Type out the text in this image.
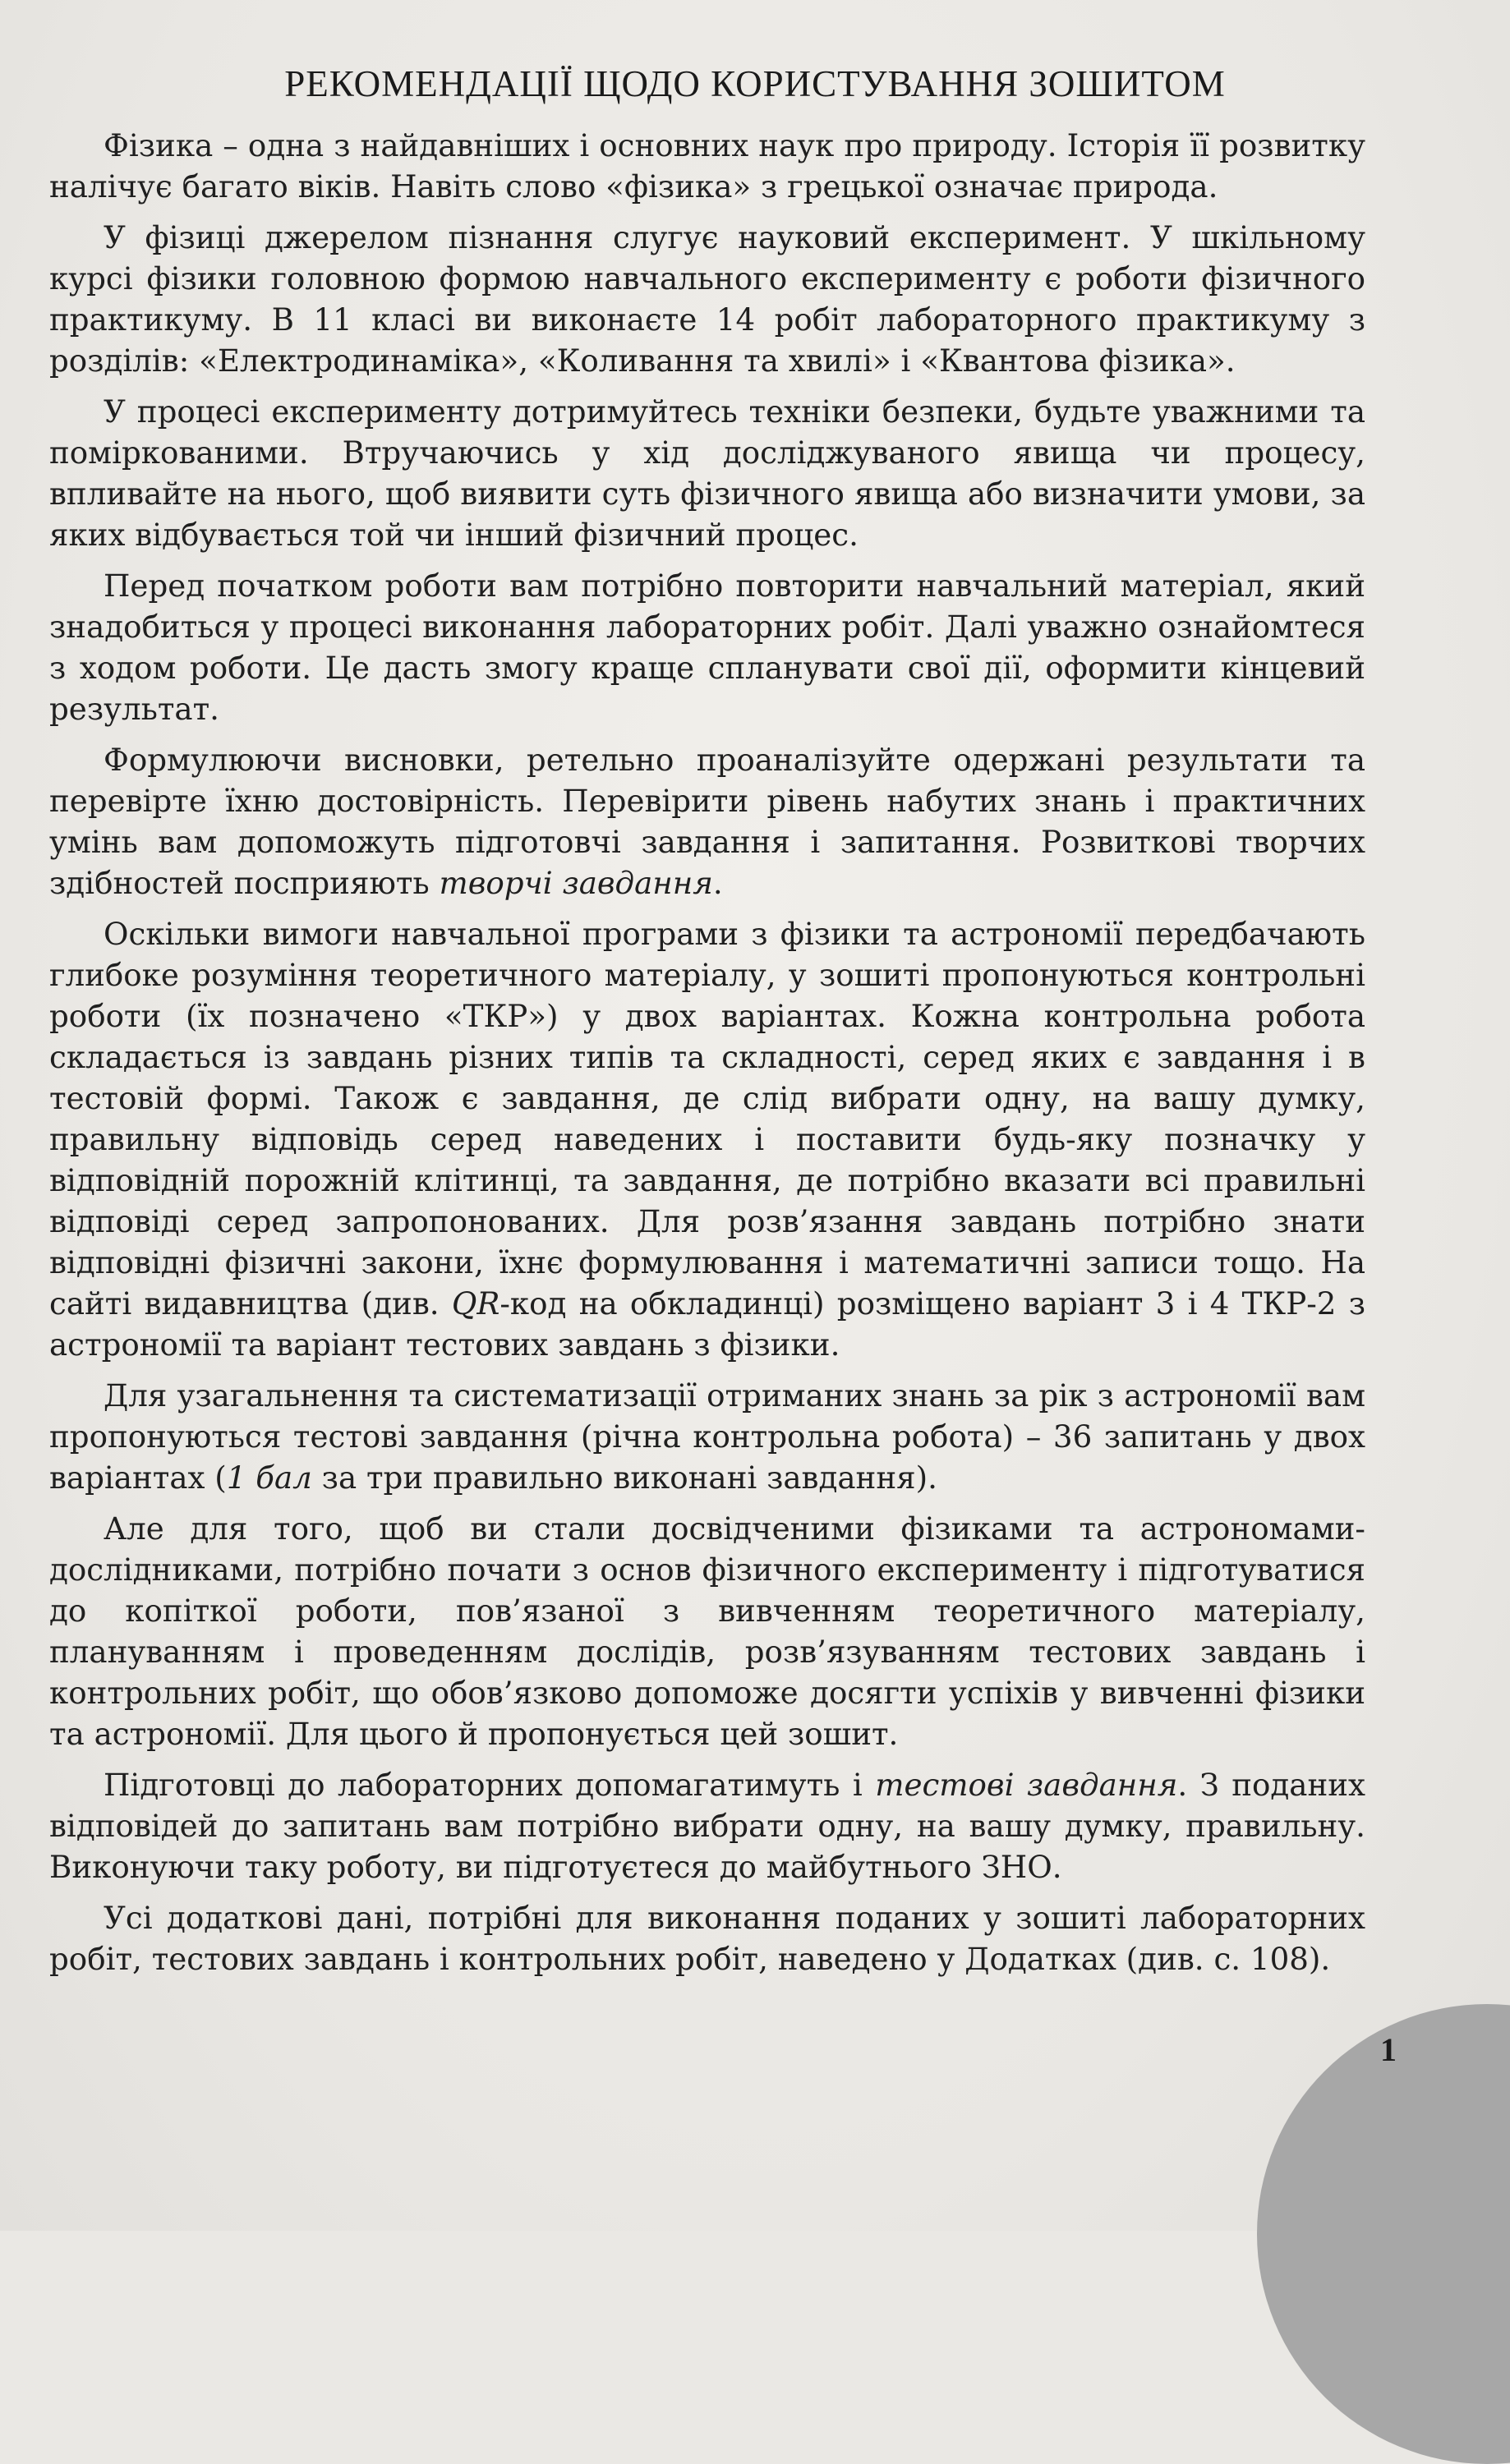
РЕКОМЕНДАЦІЇ ЩОДО КОРИСТУВАННЯ ЗОШИТОМ

Фізика – одна з найдавніших і основних наук про природу. Історія її розвитку налічує багато віків. Навіть слово «фізика» з грецької означає природа.

У фізиці джерелом пізнання слугує науковий експеримент. У шкільному курсі фізики головною формою навчального експерименту є роботи фізичного практикуму. В 11 класі ви виконаєте 14 робіт лабораторного практикуму з розділів: «Електродинаміка», «Коливання та хвилі» і «Квантова фізика».

У процесі експерименту дотримуйтесь техніки безпеки, будьте уважними та поміркованими. Втручаючись у хід досліджуваного явища чи процесу, впливайте на нього, щоб виявити суть фізичного явища або визначити умови, за яких відбувається той чи інший фізичний процес.

Перед початком роботи вам потрібно повторити навчальний матеріал, який знадобиться у процесі виконання лабораторних робіт. Далі уважно ознайомтеся з ходом роботи. Це дасть змогу краще спланувати свої дії, оформити кінцевий результат.

Формулюючи висновки, ретельно проаналізуйте одержані результати та перевірте їхню достовірність. Перевірити рівень набутих знань і практичних умінь вам допоможуть підготовчі завдання і запитання. Розвиткові творчих здібностей посприяють творчі завдання.

Оскільки вимоги навчальної програми з фізики та астрономії передбачають глибоке розуміння теоретичного матеріалу, у зошиті пропонуються контрольні роботи (їх позначено «ТКР») у двох варіантах. Кожна контрольна робота складається із завдань різних типів та складності, серед яких є завдання і в тестовій формі. Також є завдання, де слід вибрати одну, на вашу думку, правильну відповідь серед наведених і поставити будь-яку позначку у відповідній порожній клітинці, та завдання, де потрібно вказати всі правильні відповіді серед запропонованих. Для розв’язання завдань потрібно знати відповідні фізичні закони, їхнє формулювання і математичні записи тощо. На сайті видавництва (див. QR-код на обкладинці) розміщено варіант 3 і 4 ТКР-2 з астрономії та варіант тестових завдань з фізики.

Для узагальнення та систематизації отриманих знань за рік з астрономії вам пропонуються тестові завдання (річна контрольна робота) – 36 запитань у двох варіантах (1 бал за три правильно виконані завдання).

Але для того, щоб ви стали досвідченими фізиками та астрономами-дослідниками, потрібно почати з основ фізичного експерименту і підготуватися до копіткої роботи, пов’язаної з вивченням теоретичного матеріалу, плануванням і проведенням дослідів, розв’язуванням тестових завдань і контрольних робіт, що обов’язково допоможе досягти успіхів у вивченні фізики та астрономії. Для цього й пропонується цей зошит.

Підготовці до лабораторних допомагатимуть і тестові завдання. З поданих відповідей до запитань вам потрібно вибрати одну, на вашу думку, правильну. Виконуючи таку роботу, ви підготуєтеся до майбутнього ЗНО.

Усі додаткові дані, потрібні для виконання поданих у зошиті лабораторних робіт, тестових завдань і контрольних робіт, наведено у Додатках (див. с. 108).

1
